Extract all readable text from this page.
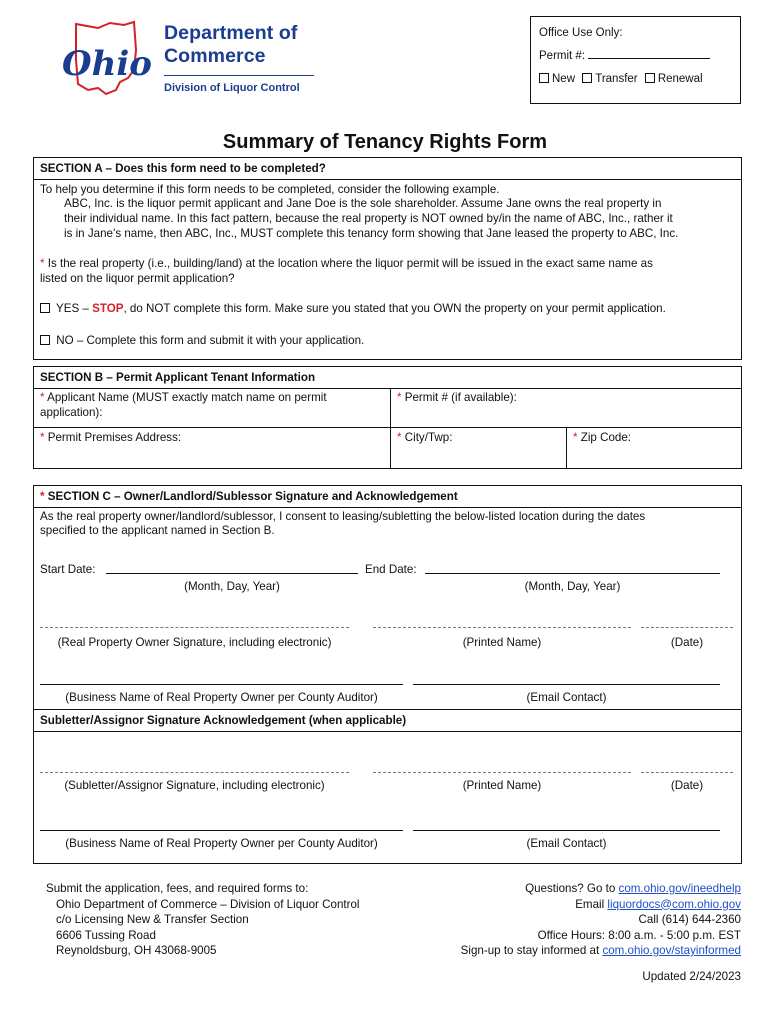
Ohio
Department of
Commerce
Division of Liquor Control
Office Use Only:
Permit #:
New Transfer Renewal
Summary of Tenancy Rights Form
SECTION A – Does this form need to be completed?
To help you determine if this form needs to be completed, consider the following example.
ABC, Inc. is the liquor permit applicant and Jane Doe is the sole shareholder. Assume Jane owns the real property in
their individual name. In this fact pattern, because the real property is NOT owned by/in the name of ABC, Inc., rather it
is in Jane’s name, then ABC, Inc., MUST complete this tenancy form showing that Jane leased the property to ABC, Inc.
* Is the real property (i.e., building/land) at the location where the liquor permit will be issued in the exact same name as
listed on the liquor permit application?
YES – STOP, do NOT complete this form. Make sure you stated that you OWN the property on your permit application.
NO – Complete this form and submit it with your application.
SECTION B – Permit Applicant Tenant Information
* Applicant Name (MUST exactly match name on permit
application):
* Permit # (if available):
* Permit Premises Address:	* City/Twp:	* Zip Code:
* SECTION C – Owner/Landlord/Sublessor Signature and Acknowledgement
As the real property owner/landlord/sublessor, I consent to leasing/subletting the below-listed location during the dates
specified to the applicant named in Section B.
Start Date:	End Date:
(Month, Day, Year)	(Month, Day, Year)
(Real Property Owner Signature, including electronic)	(Printed Name)	(Date)
(Business Name of Real Property Owner per County Auditor)	(Email Contact)
Subletter/Assignor Signature Acknowledgement (when applicable)
(Subletter/Assignor Signature, including electronic)	(Printed Name)	(Date)
(Business Name of Real Property Owner per County Auditor)	(Email Contact)
Submit the application, fees, and required forms to:
Ohio Department of Commerce – Division of Liquor Control
c/o Licensing New & Transfer Section
6606 Tussing Road
Reynoldsburg, OH 43068-9005
Questions? Go to com.ohio.gov/ineedhelp
Email liquordocs@com.ohio.gov
Call (614) 644-2360
Office Hours: 8:00 a.m. - 5:00 p.m. EST
Sign-up to stay informed at com.ohio.gov/stayinformed
Updated 2/24/2023
